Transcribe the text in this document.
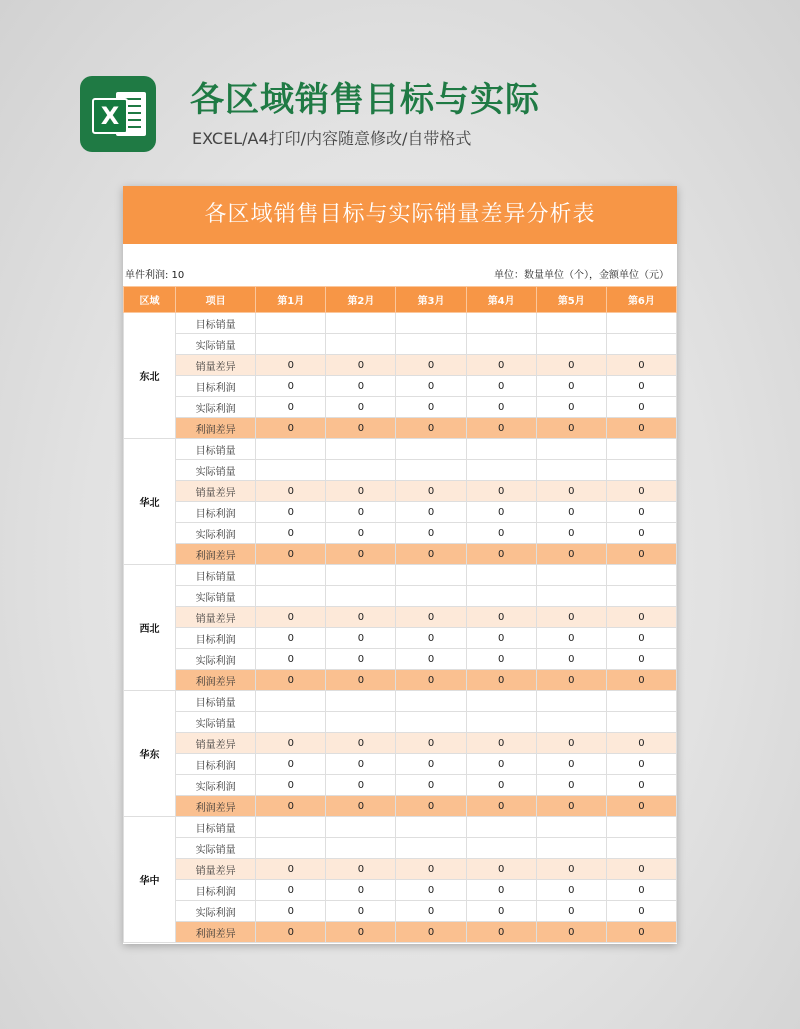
X 各区域销售目标与实际
EXCEL/A4打印/内容随意修改/自带格式
各区域销售目标与实际销量差异分析表
单件利润: 10	单位：数量单位（个），金额单位（元）
区域	项目	第1月	第2月	第3月	第4月	第5月	第6月
东北	目标销量						
	实际销量						
	销量差异	0	0	0	0	0	0
	目标利润	0	0	0	0	0	0
	实际利润	0	0	0	0	0	0
	利润差异	0	0	0	0	0	0
华北	目标销量						
	实际销量						
	销量差异	0	0	0	0	0	0
	目标利润	0	0	0	0	0	0
	实际利润	0	0	0	0	0	0
	利润差异	0	0	0	0	0	0
西北	目标销量						
	实际销量						
	销量差异	0	0	0	0	0	0
	目标利润	0	0	0	0	0	0
	实际利润	0	0	0	0	0	0
	利润差异	0	0	0	0	0	0
华东	目标销量						
	实际销量						
	销量差异	0	0	0	0	0	0
	目标利润	0	0	0	0	0	0
	实际利润	0	0	0	0	0	0
	利润差异	0	0	0	0	0	0
华中	目标销量						
	实际销量						
	销量差异	0	0	0	0	0	0
	目标利润	0	0	0	0	0	0
	实际利润	0	0	0	0	0	0
	利润差异	0	0	0	0	0	0
